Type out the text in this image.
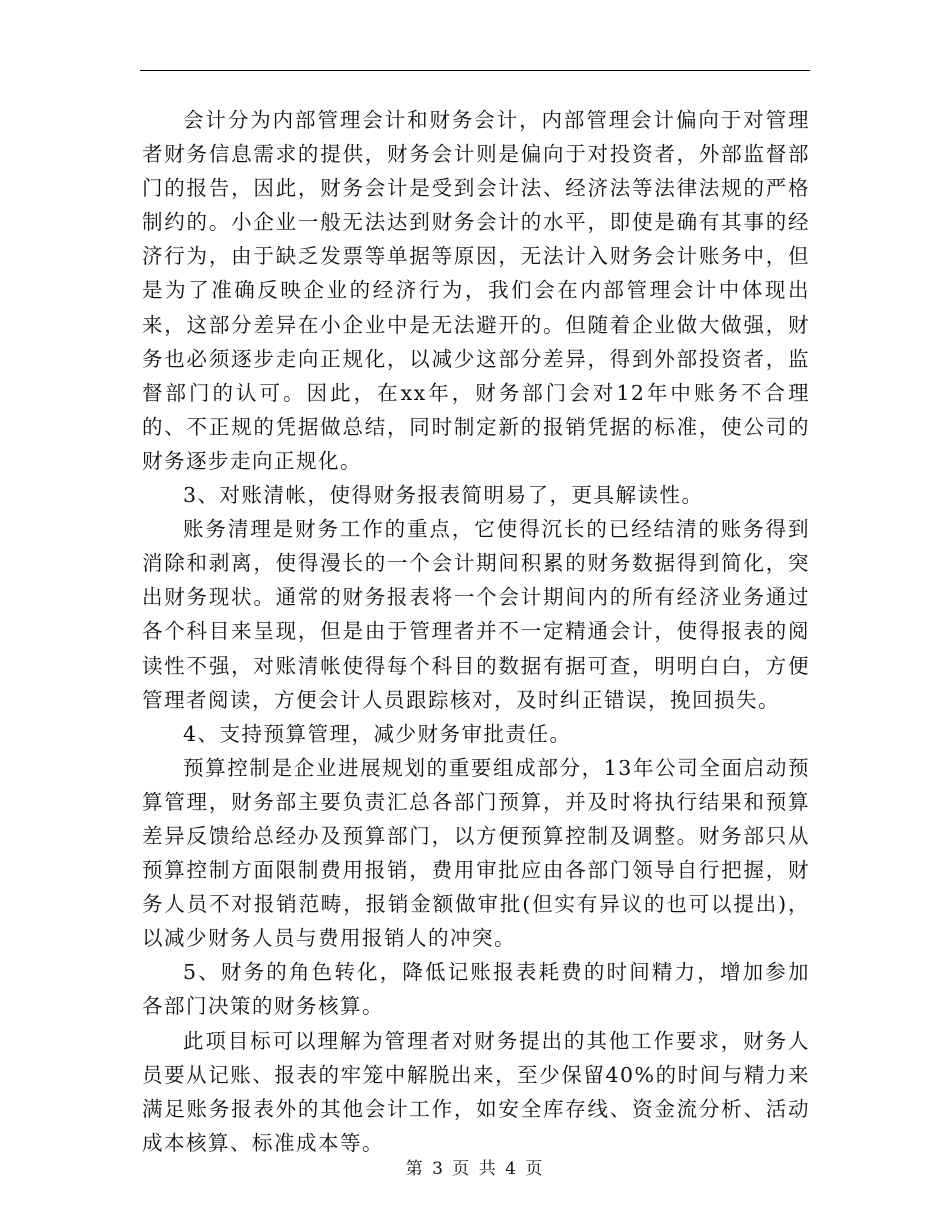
会计分为内部管理会计和财务会计，内部管理会计偏向于对管理者财务信息需求的提供，财务会计则是偏向于对投资者，外部监督部门的报告，因此，财务会计是受到会计法、经济法等法律法规的严格制约的。小企业一般无法达到财务会计的水平，即使是确有其事的经济行为，由于缺乏发票等单据等原因，无法计入财务会计账务中，但是为了准确反映企业的经济行为，我们会在内部管理会计中体现出来，这部分差异在小企业中是无法避开的。但随着企业做大做强，财务也必须逐步走向正规化，以减少这部分差异，得到外部投资者，监督部门的认可。因此，在xx年，财务部门会对12年中账务不合理的、不正规的凭据做总结，同时制定新的报销凭据的标准，使公司的财务逐步走向正规化。

3、对账清帐，使得财务报表简明易了，更具解读性。

账务清理是财务工作的重点，它使得沉长的已经结清的账务得到消除和剥离，使得漫长的一个会计期间积累的财务数据得到简化，突出财务现状。通常的财务报表将一个会计期间内的所有经济业务通过各个科目来呈现，但是由于管理者并不一定精通会计，使得报表的阅读性不强，对账清帐使得每个科目的数据有据可查，明明白白，方便管理者阅读，方便会计人员跟踪核对，及时纠正错误，挽回损失。

4、支持预算管理，减少财务审批责任。

预算控制是企业进展规划的重要组成部分，13年公司全面启动预算管理，财务部主要负责汇总各部门预算，并及时将执行结果和预算差异反馈给总经办及预算部门，以方便预算控制及调整。财务部只从预算控制方面限制费用报销，费用审批应由各部门领导自行把握，财务人员不对报销范畴，报销金额做审批(但实有异议的也可以提出)，以减少财务人员与费用报销人的冲突。

5、财务的角色转化，降低记账报表耗费的时间精力，增加参加各部门决策的财务核算。

此项目标可以理解为管理者对财务提出的其他工作要求，财务人员要从记账、报表的牢笼中解脱出来，至少保留40%的时间与精力来满足账务报表外的其他会计工作，如安全库存线、资金流分析、活动成本核算、标准成本等。

第 3 页 共 4 页
